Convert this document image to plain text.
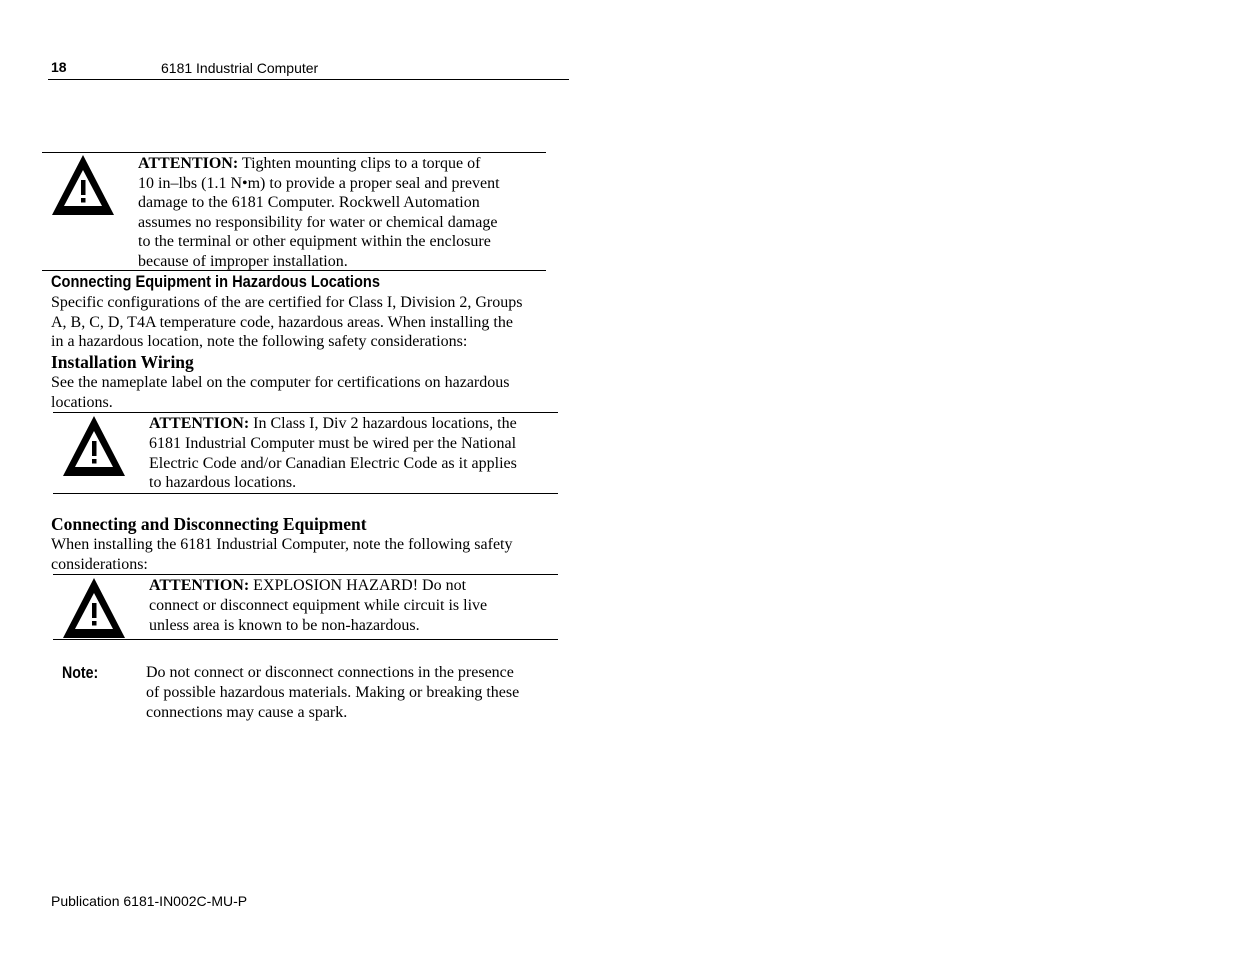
18	6181 Industrial Computer
ATTENTION: Tighten mounting clips to a torque of
10 in–lbs (1.1 N•m) to provide a proper seal and prevent
damage to the 6181 Computer. Rockwell Automation
assumes no responsibility for water or chemical damage
to the terminal or other equipment within the enclosure
because of improper installation.
Connecting Equipment in Hazardous Locations
Specific configurations of the are certified for Class I, Division 2, Groups
A, B, C, D, T4A temperature code, hazardous areas. When installing the
in a hazardous location, note the following safety considerations:
Installation Wiring
See the nameplate label on the computer for certifications on hazardous
locations.
ATTENTION: In Class I, Div 2 hazardous locations, the
6181 Industrial Computer must be wired per the National
Electric Code and/or Canadian Electric Code as it applies
to hazardous locations.
Connecting and Disconnecting Equipment
When installing the 6181 Industrial Computer, note the following safety
considerations:
ATTENTION: EXPLOSION HAZARD! Do not
connect or disconnect equipment while circuit is live
unless area is known to be non-hazardous.
Note:	Do not connect or disconnect connections in the presence
of possible hazardous materials. Making or breaking these
connections may cause a spark.
Publication 6181-IN002C-MU-P
